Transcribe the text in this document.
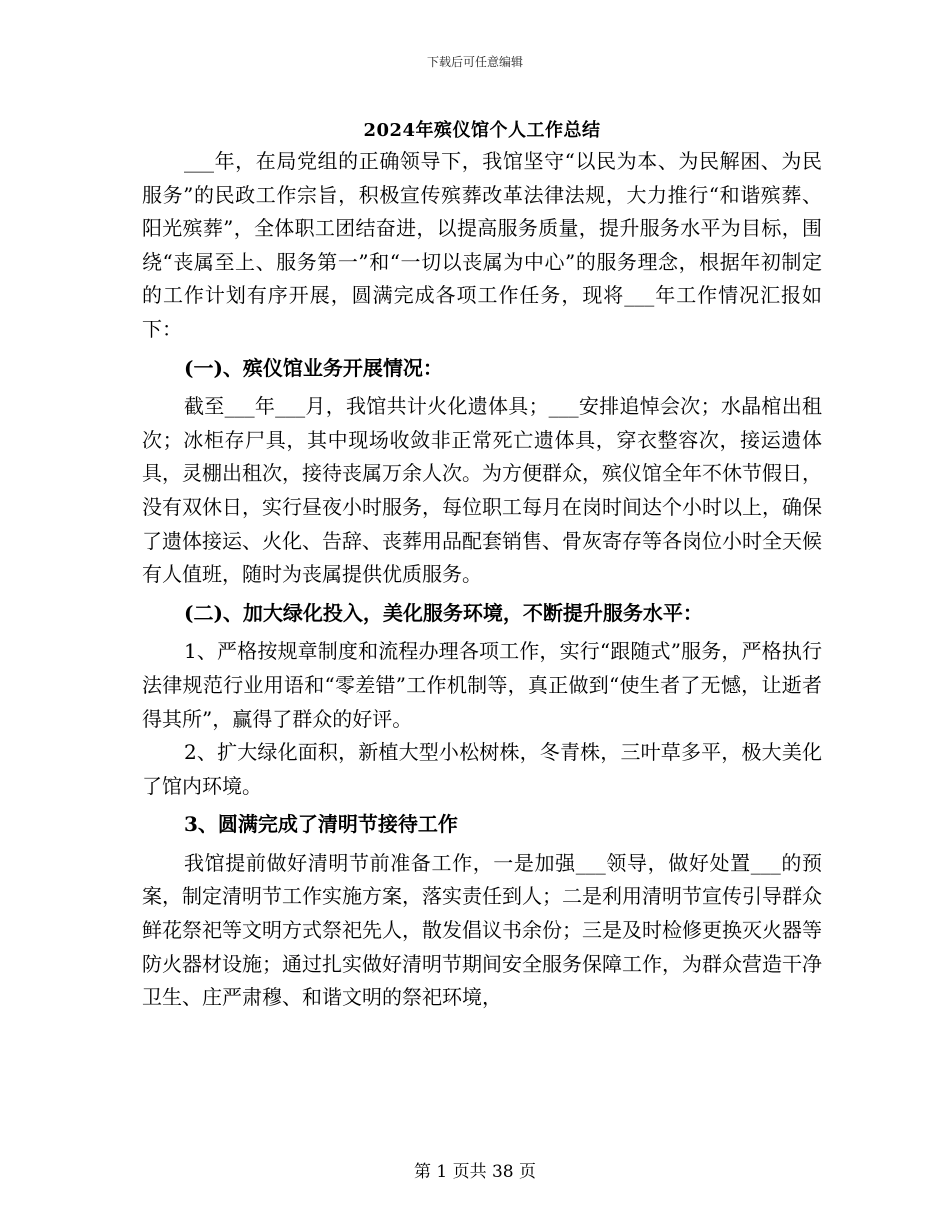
下载后可任意编辑
2024年殡仪馆个人工作总结

___年，在局党组的正确领导下，我馆坚守“以民为本、为民解困、为民服务”的民政工作宗旨，积极宣传殡葬改革法律法规，大力推行“和谐殡葬、阳光殡葬”，全体职工团结奋进，以提高服务质量，提升服务水平为目标，围绕“丧属至上、服务第一”和“一切以丧属为中心”的服务理念，根据年初制定的工作计划有序开展，圆满完成各项工作任务，现将___年工作情况汇报如下：

(一)、殡仪馆业务开展情况：

截至___年___月，我馆共计火化遗体具；___安排追悼会次；水晶棺出租次；冰柜存尸具，其中现场收敛非正常死亡遗体具，穿衣整容次，接运遗体具，灵棚出租次，接待丧属万余人次。为方便群众，殡仪馆全年不休节假日，没有双休日，实行昼夜小时服务，每位职工每月在岗时间达个小时以上，确保了遗体接运、火化、告辞、丧葬用品配套销售、骨灰寄存等各岗位小时全天候有人值班，随时为丧属提供优质服务。

(二)、加大绿化投入，美化服务环境，不断提升服务水平：

1、严格按规章制度和流程办理各项工作，实行“跟随式”服务，严格执行法律规范行业用语和“零差错”工作机制等，真正做到“使生者了无憾，让逝者得其所”，赢得了群众的好评。

2、扩大绿化面积，新植大型小松树株，冬青株，三叶草多平，极大美化了馆内环境。

3、圆满完成了清明节接待工作

我馆提前做好清明节前准备工作，一是加强___领导，做好处置___的预案，制定清明节工作实施方案，落实责任到人；二是利用清明节宣传引导群众鲜花祭祀等文明方式祭祀先人，散发倡议书余份；三是及时检修更换灭火器等防火器材设施；通过扎实做好清明节期间安全服务保障工作，为群众营造干净卫生、庄严肃穆、和谐文明的祭祀环境，

第 1 页共 38 页
